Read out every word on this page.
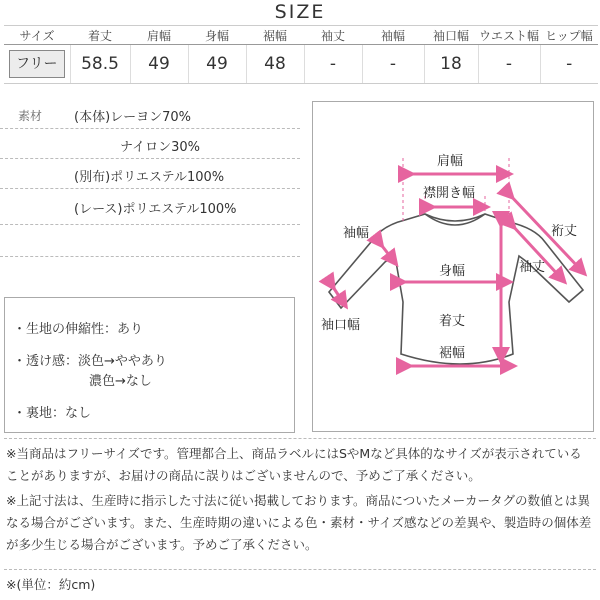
SIZE
サイズ	着丈	肩幅	身幅	裾幅	袖丈	袖幅	袖口幅	ウエスト幅	ヒップ幅
フリー	58.5	49	49	48	-	-	18	-	-
素材 (本体)レーヨン70%
ナイロン30%
(別布)ポリエステル100%
(レース)ポリエステル100%
・生地の伸縮性：あり
・透け感：淡色→ややあり
濃色→なし
・裏地：なし
肩幅
襟開き幅
袖幅	裄丈
袖丈
身幅
袖口幅	着丈
裾幅
※当商品はフリーサイズです。管理都合上、商品ラベルにはSやMなど具体的なサイズが表示されていることがありますが、お届けの商品に誤りはございませんので、予めご了承ください。
※上記寸法は、生産時に指示した寸法に従い掲載しております。商品についたメーカータグの数値とは異なる場合がございます。また、生産時期の違いによる色・素材・サイズ感などの差異や、製造時の個体差が多少生じる場合がございます。予めご了承ください。
※(単位：約cm)
